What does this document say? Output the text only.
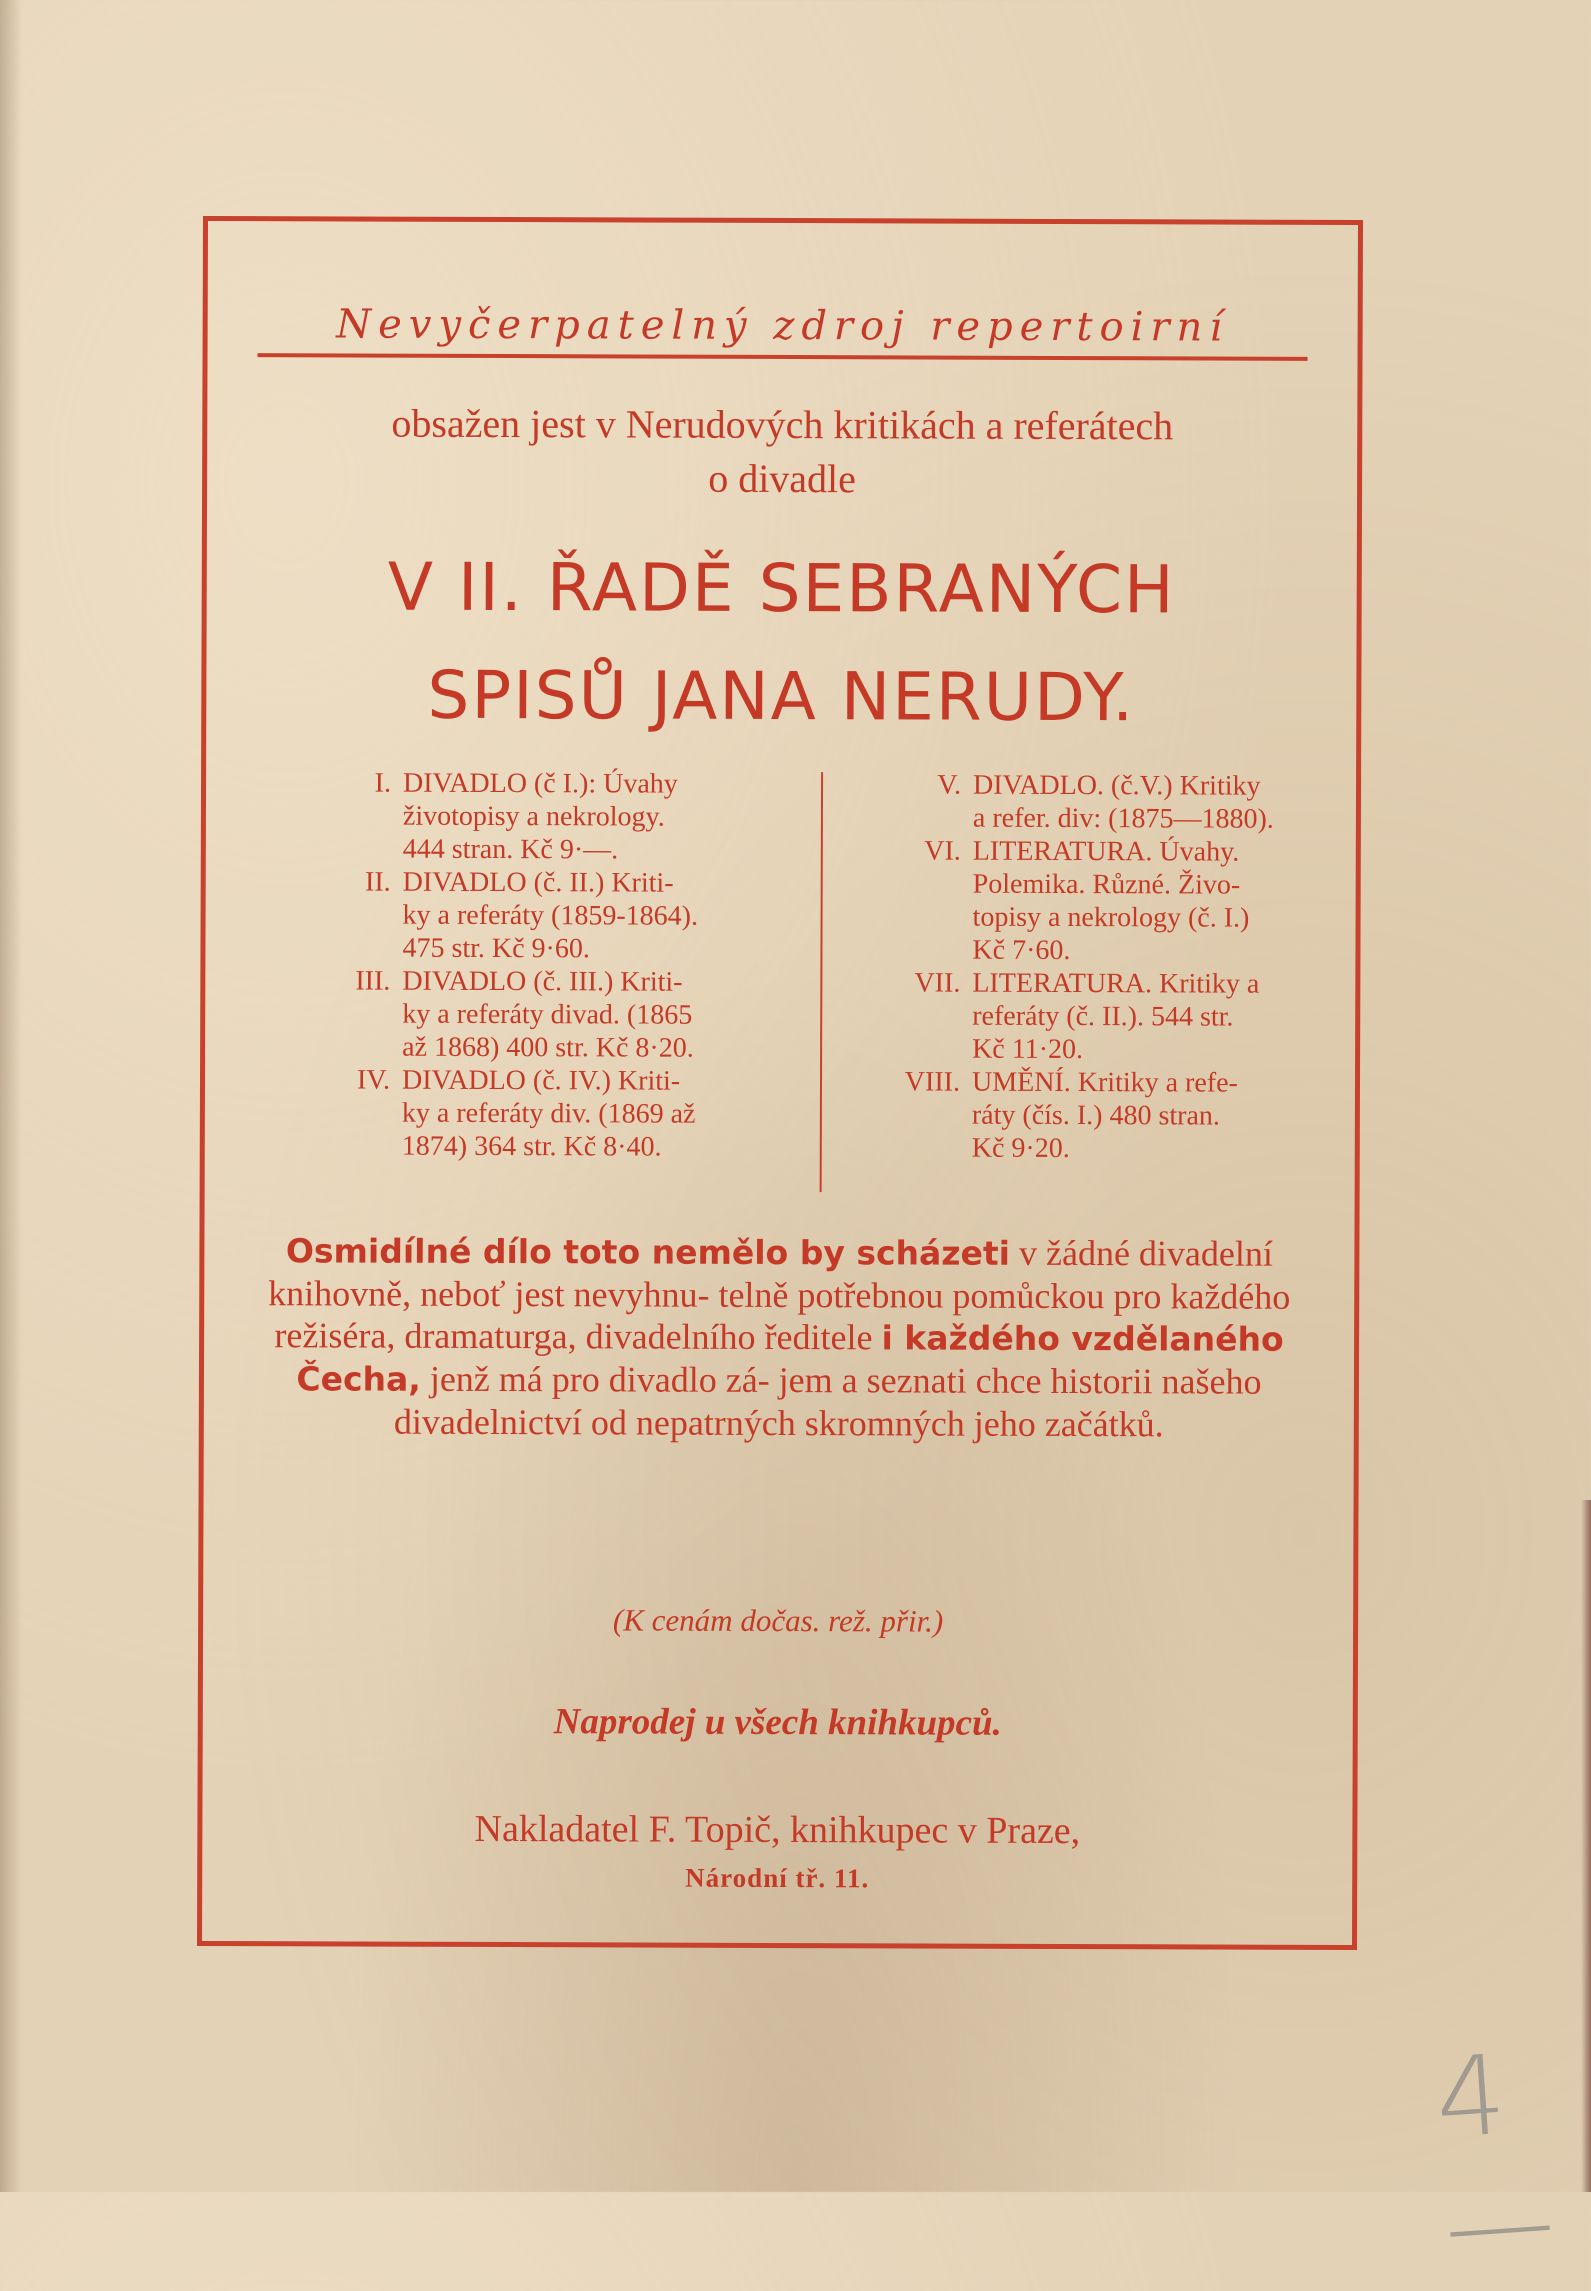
Nevyčerpatelný zdroj repertoirní
obsažen jest v Nerudových kritikách a referátech
o divadle
V II. ŘADĚ SEBRANÝCH
SPISŮ JANA NERUDY.
I. DIVADLO (č I.): Úvahy
životopisy a nekrology.
444 stran. Kč 9·—.
II. DIVADLO (č. II.) Kriti-
ky a referáty (1859-1864).
475 str. Kč 9·60.
III. DIVADLO (č. III.) Kriti-
ky a referáty divad. (1865
až 1868) 400 str. Kč 8·20.
IV. DIVADLO (č. IV.) Kriti-
ky a referáty div. (1869 až
1874) 364 str. Kč 8·40.
V. DIVADLO. (č.V.) Kritiky
a refer. div: (1875—1880).
VI. LITERATURA. Úvahy.
Polemika. Různé. Živo-
topisy a nekrology (č. I.)
Kč 7·60.
VII. LITERATURA. Kritiky a
referáty (č. II.). 544 str.
Kč 11·20.
VIII. UMĚNÍ. Kritiky a refe-
ráty (čís. I.) 480 stran.
Kč 9·20.
Osmidílné dílo toto nemělo by scházeti v žádné divadelní knihovně, neboť jest nevyhnu- telně potřebnou pomůckou pro každého režiséra, dramaturga, divadelního ředitele i každého vzdělaného Čecha, jenž má pro divadlo zá- jem a seznati chce historii našeho divadelnictví od nepatrných skromných jeho začátků.
(K cenám dočas. rež. přir.)
Naprodej u všech knihkupců.
Nakladatel F. Topič, knihkupec v Praze,
Národní tř. 11.
4—
